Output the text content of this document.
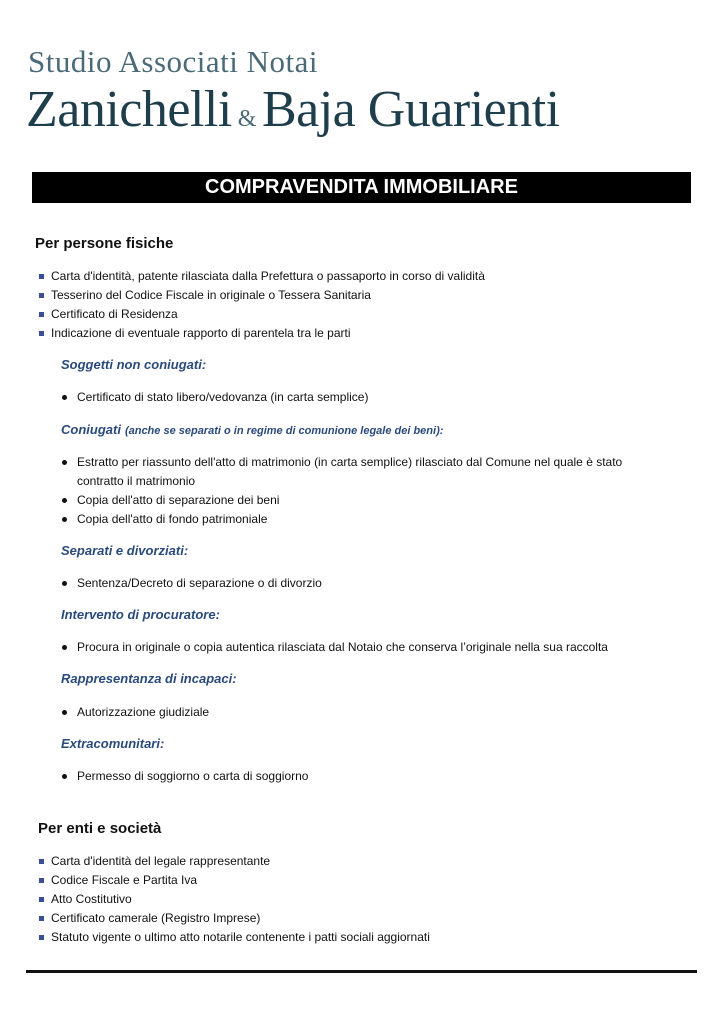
Studio Associati Notai
Zanichelli & Baja Guarienti
COMPRAVENDITA IMMOBILIARE
Per persone fisiche
Carta d'identità, patente rilasciata dalla Prefettura o passaporto in corso di validità
Tesserino del Codice Fiscale in originale o Tessera Sanitaria
Certificato di Residenza
Indicazione di eventuale rapporto di parentela tra le parti
Soggetti non coniugati:
Certificato di stato libero/vedovanza (in carta semplice)
Coniugati (anche se separati o in regime di comunione legale dei beni):
Estratto per riassunto dell'atto di matrimonio (in carta semplice) rilasciato dal Comune nel quale è stato contratto il matrimonio
Copia dell'atto di separazione dei beni
Copia dell'atto di fondo patrimoniale
Separati e divorziati:
Sentenza/Decreto di separazione o di divorzio
Intervento di procuratore:
Procura in originale o copia autentica rilasciata dal Notaio che conserva l’originale nella sua raccolta
Rappresentanza di incapaci:
Autorizzazione giudiziale
Extracomunitari:
Permesso di soggiorno o carta di soggiorno
Per enti e società
Carta d'identità del legale rappresentante
Codice Fiscale e Partita Iva
Atto Costitutivo
Certificato camerale (Registro Imprese)
Statuto vigente o ultimo atto notarile contenente i patti sociali aggiornati
